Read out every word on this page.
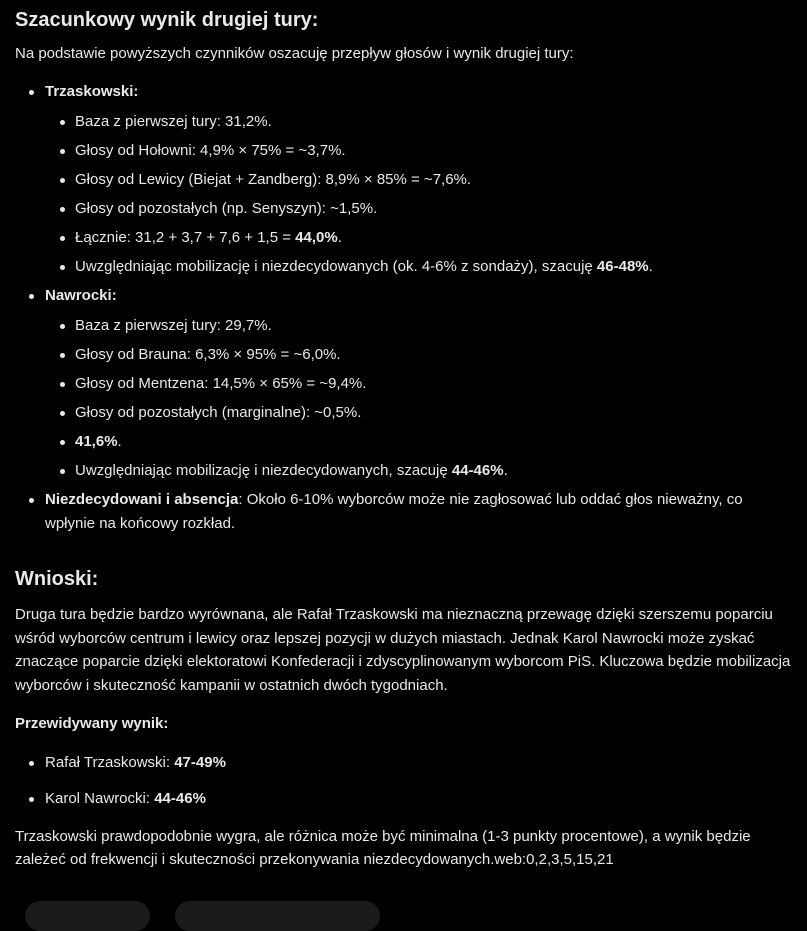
Szacunkowy wynik drugiej tury:

Na podstawie powyższych czynników oszacuję przepływ głosów i wynik drugiej tury:

Trzaskowski:
Baza z pierwszej tury: 31,2%.
Głosy od Hołowni: 4,9% × 75% = ~3,7%.
Głosy od Lewicy (Biejat + Zandberg): 8,9% × 85% = ~7,6%.
Głosy od pozostałych (np. Senyszyn): ~1,5%.
Łącznie: 31,2 + 3,7 + 7,6 + 1,5 = 44,0%.
Uwzględniając mobilizację i niezdecydowanych (ok. 4-6% z sondaży), szacuję 46-48%.
Nawrocki:
Baza z pierwszej tury: 29,7%.
Głosy od Brauna: 6,3% × 95% = ~6,0%.
Głosy od Mentzena: 14,5% × 65% = ~9,4%.
Głosy od pozostałych (marginalne): ~0,5%.
41,6%.
Uwzględniając mobilizację i niezdecydowanych, szacuję 44-46%.
Niezdecydowani i absencja: Około 6-10% wyborców może nie zagłosować lub oddać głos nieważny, co wpłynie na końcowy rozkład.
Wnioski:

Druga tura będzie bardzo wyrównana, ale Rafał Trzaskowski ma nieznaczną przewagę dzięki szerszemu poparciu wśród wyborców centrum i lewicy oraz lepszej pozycji w dużych miastach. Jednak Karol Nawrocki może zyskać znaczące poparcie dzięki elektoratowi Konfederacji i zdyscyplinowanym wyborcom PiS. Kluczowa będzie mobilizacja wyborców i skuteczność kampanii w ostatnich dwóch tygodniach.

Przewidywany wynik:

Rafał Trzaskowski: 47-49%
Karol Nawrocki: 44-46%

Trzaskowski prawdopodobnie wygra, ale różnica może być minimalna (1-3 punkty procentowe), a wynik będzie zależeć od frekwencji i skuteczności przekonywania niezdecydowanych.web:0,2,3,5,15,21
